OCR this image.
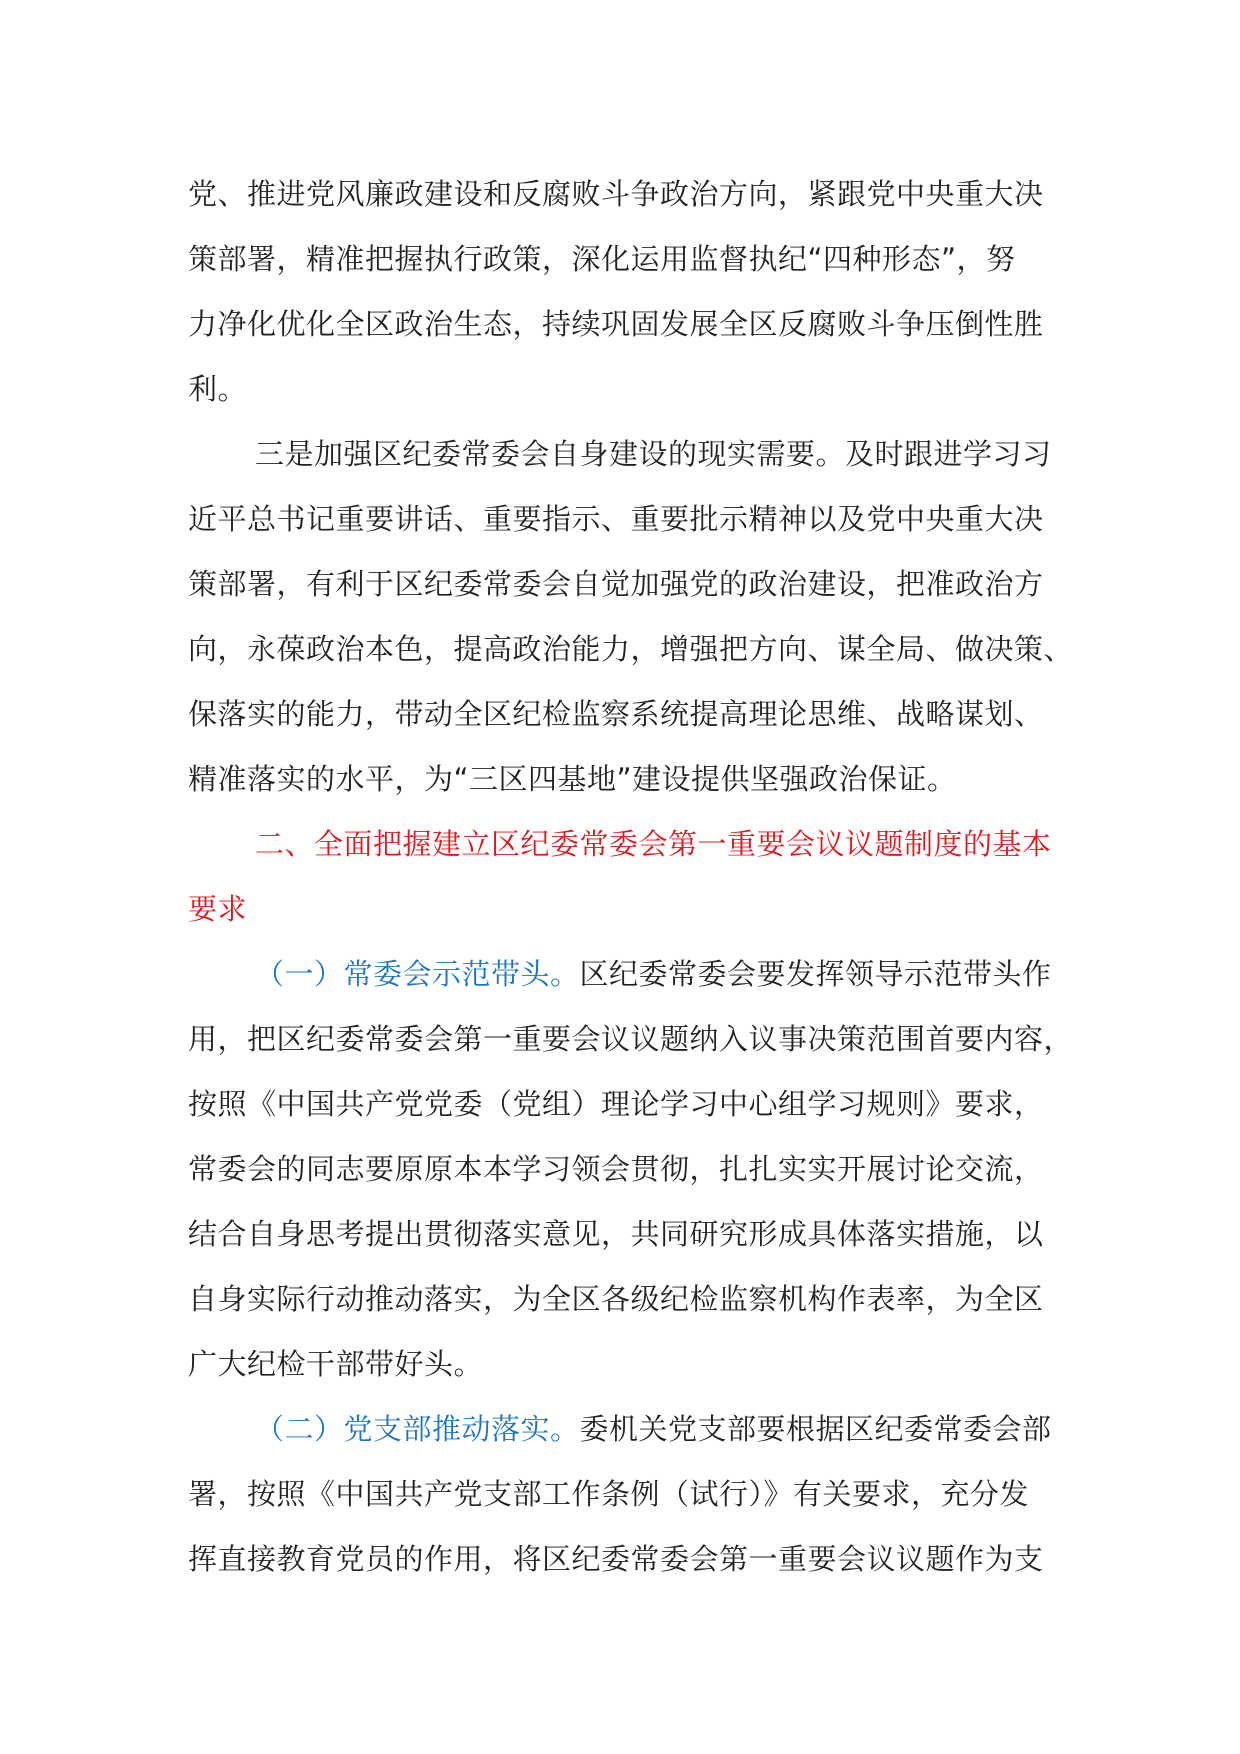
党、推进党风廉政建设和反腐败斗争政治方向，紧跟党中央重大决
策部署，精准把握执行政策，深化运用监督执纪“四种形态”，努
力净化优化全区政治生态，持续巩固发展全区反腐败斗争压倒性胜
利。
三是加强区纪委常委会自身建设的现实需要。及时跟进学习习
近平总书记重要讲话、重要指示、重要批示精神以及党中央重大决
策部署，有利于区纪委常委会自觉加强党的政治建设，把准政治方
向，永葆政治本色，提高政治能力，增强把方向、谋全局、做决策、
保落实的能力，带动全区纪检监察系统提高理论思维、战略谋划、
精准落实的水平，为“三区四基地”建设提供坚强政治保证。
二、全面把握建立区纪委常委会第一重要会议议题制度的基本
要求
（一）常委会示范带头。区纪委常委会要发挥领导示范带头作
用，把区纪委常委会第一重要会议议题纳入议事决策范围首要内容，
按照《中国共产党党委（党组）理论学习中心组学习规则》要求，
常委会的同志要原原本本学习领会贯彻，扎扎实实开展讨论交流，
结合自身思考提出贯彻落实意见，共同研究形成具体落实措施，以
自身实际行动推动落实，为全区各级纪检监察机构作表率，为全区
广大纪检干部带好头。
（二）党支部推动落实。委机关党支部要根据区纪委常委会部
署，按照《中国共产党支部工作条例（试行）》有关要求，充分发
挥直接教育党员的作用，将区纪委常委会第一重要会议议题作为支
